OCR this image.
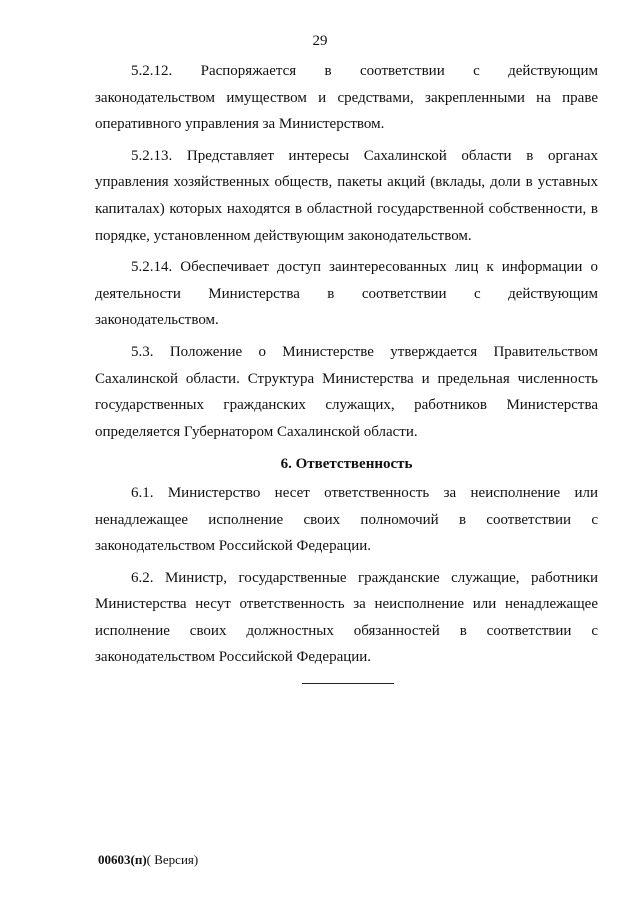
29

5.2.12. Распоряжается в соответствии с действующим законодательством имуществом и средствами, закрепленными на праве оперативного управления за Министерством.

5.2.13. Представляет интересы Сахалинской области в органах управления хозяйственных обществ, пакеты акций (вклады, доли в уставных капиталах) которых находятся в областной государственной собственности, в порядке, установленном действующим законодательством.

5.2.14. Обеспечивает доступ заинтересованных лиц к информации о деятельности Министерства в соответствии с действующим законодательством.

5.3. Положение о Министерстве утверждается Правительством Сахалинской области. Структура Министерства и предельная численность государственных гражданских служащих, работников Министерства определяется Губернатором Сахалинской области.

6. Ответственность

6.1. Министерство несет ответственность за неисполнение или ненадлежащее исполнение своих полномочий в соответствии с законодательством Российской Федерации.

6.2. Министр, государственные гражданские служащие, работники Министерства несут ответственность за неисполнение или ненадлежащее исполнение своих должностных обязанностей в соответствии с законодательством Российской Федерации.

00603(п)( Версия)
